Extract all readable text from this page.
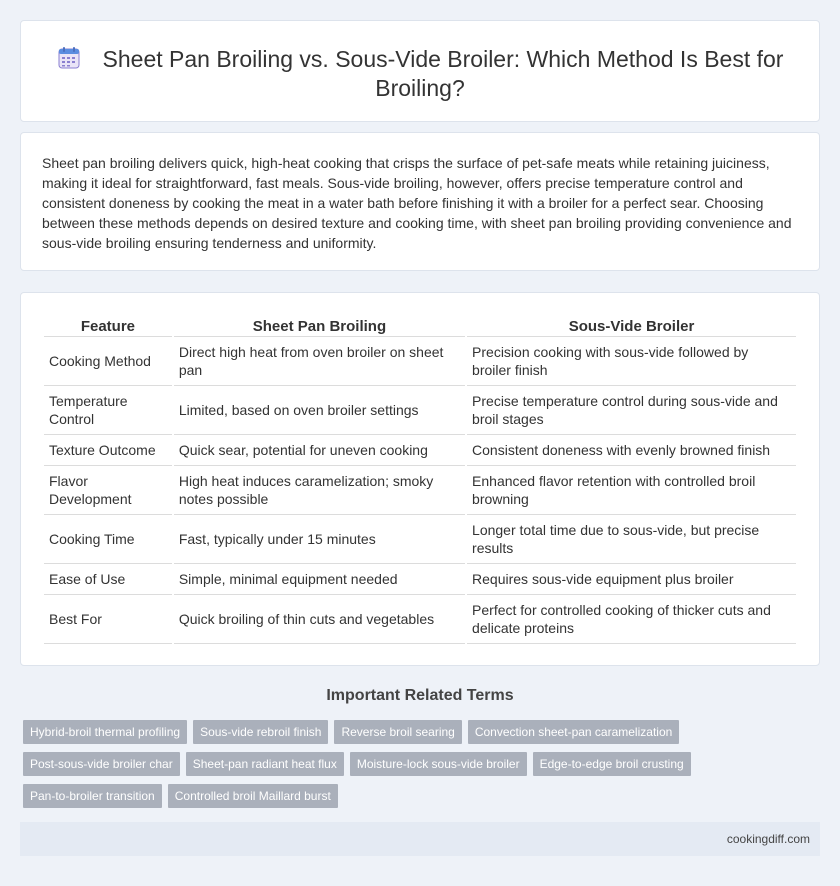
Sheet Pan Broiling vs. Sous-Vide Broiler: Which Method Is Best for Broiling?

Sheet pan broiling delivers quick, high-heat cooking that crisps the surface of pet-safe meats while retaining juiciness, making it ideal for straightforward, fast meals. Sous-vide broiling, however, offers precise temperature control and consistent doneness by cooking the meat in a water bath before finishing it with a broiler for a perfect sear. Choosing between these methods depends on desired texture and cooking time, with sheet pan broiling providing convenience and sous-vide broiling ensuring tenderness and uniformity.

Feature	Sheet Pan Broiling	Sous-Vide Broiler
Cooking Method	Direct high heat from oven broiler on sheet pan	Precision cooking with sous-vide followed by broiler finish
Temperature Control	Limited, based on oven broiler settings	Precise temperature control during sous-vide and broil stages
Texture Outcome	Quick sear, potential for uneven cooking	Consistent doneness with evenly browned finish
Flavor Development	High heat induces caramelization; smoky notes possible	Enhanced flavor retention with controlled broil browning
Cooking Time	Fast, typically under 15 minutes	Longer total time due to sous-vide, but precise results
Ease of Use	Simple, minimal equipment needed	Requires sous-vide equipment plus broiler
Best For	Quick broiling of thin cuts and vegetables	Perfect for controlled cooking of thicker cuts and delicate proteins
Important Related Terms
Hybrid-broil thermal profiling	Sous-vide rebroil finish	Reverse broil searing	Convection sheet-pan caramelization
Post-sous-vide broiler char	Sheet-pan radiant heat flux	Moisture-lock sous-vide broiler	Edge-to-edge broil crusting
Pan-to-broiler transition	Controlled broil Maillard burst
cookingdiff.com
